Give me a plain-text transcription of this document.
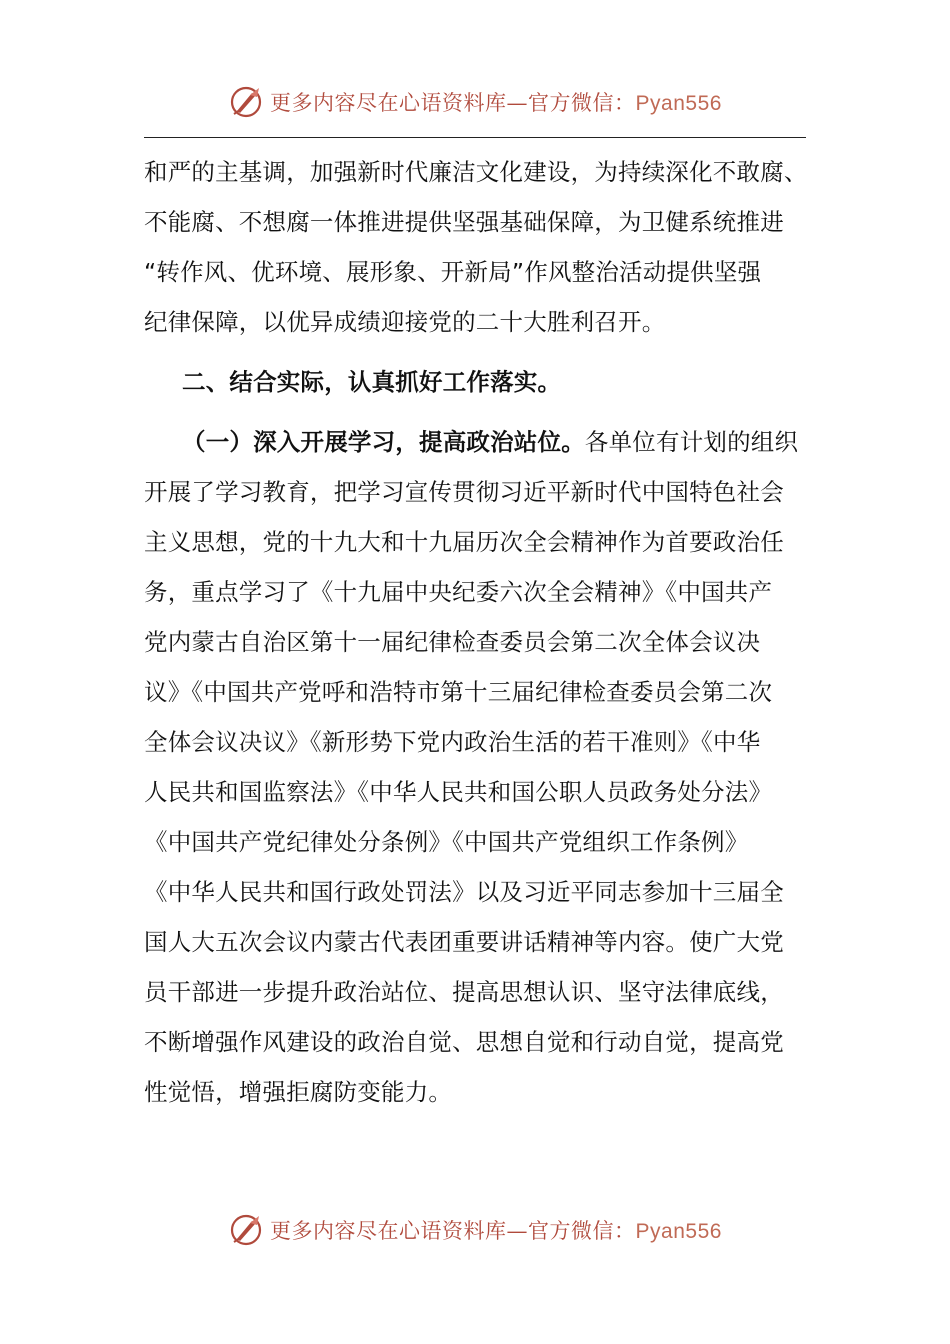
更多内容尽在心语资料库—官方微信：Pyan556
和严的主基调，加强新时代廉洁文化建设，为持续深化不敢腐、
不能腐、不想腐一体推进提供坚强基础保障，为卫健系统推进
“转作风、优环境、展形象、开新局”作风整治活动提供坚强
纪律保障，以优异成绩迎接党的二十大胜利召开。
二、结合实际，认真抓好工作落实。
（一）深入开展学习，提高政治站位。各单位有计划的组织
开展了学习教育，把学习宣传贯彻习近平新时代中国特色社会
主义思想，党的十九大和十九届历次全会精神作为首要政治任
务，重点学习了《十九届中央纪委六次全会精神》《中国共产
党内蒙古自治区第十一届纪律检查委员会第二次全体会议决
议》《中国共产党呼和浩特市第十三届纪律检查委员会第二次
全体会议决议》《新形势下党内政治生活的若干准则》《中华
人民共和国监察法》《中华人民共和国公职人员政务处分法》
《中国共产党纪律处分条例》《中国共产党组织工作条例》
《中华人民共和国行政处罚法》以及习近平同志参加十三届全
国人大五次会议内蒙古代表团重要讲话精神等内容。使广大党
员干部进一步提升政治站位、提高思想认识、坚守法律底线，
不断增强作风建设的政治自觉、思想自觉和行动自觉，提高党
性觉悟，增强拒腐防变能力。
更多内容尽在心语资料库—官方微信：Pyan556
